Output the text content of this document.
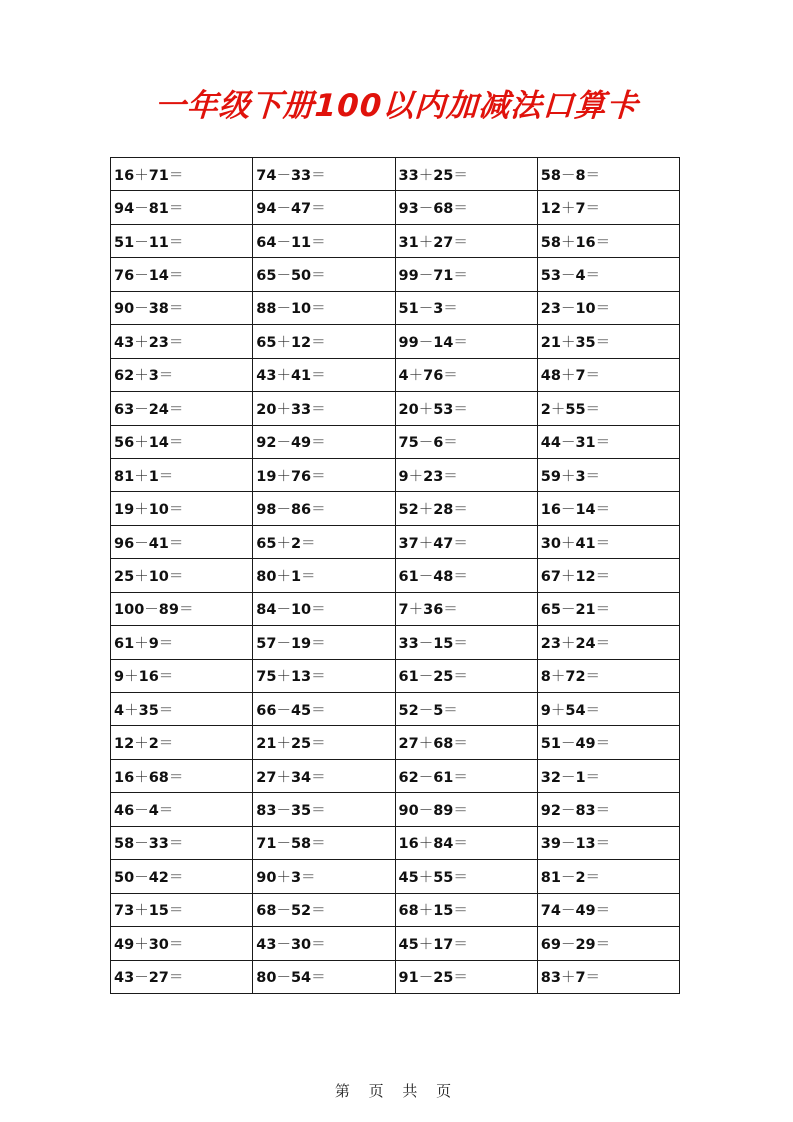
一年级下册100以内加减法口算卡
16＋71＝	74－33＝	33＋25＝	58－8＝
94－81＝	94－47＝	93－68＝	12＋7＝
51－11＝	64－11＝	31＋27＝	58＋16＝
76－14＝	65－50＝	99－71＝	53－4＝
90－38＝	88－10＝	51－3＝	23－10＝
43＋23＝	65＋12＝	99－14＝	21＋35＝
62＋3＝	43＋41＝	4＋76＝	48＋7＝
63－24＝	20＋33＝	20＋53＝	2＋55＝
56＋14＝	92－49＝	75－6＝	44－31＝
81＋1＝	19＋76＝	9＋23＝	59＋3＝
19＋10＝	98－86＝	52＋28＝	16－14＝
96－41＝	65＋2＝	37＋47＝	30＋41＝
25＋10＝	80＋1＝	61－48＝	67＋12＝
100－89＝	84－10＝	7＋36＝	65－21＝
61＋9＝	57－19＝	33－15＝	23＋24＝
9＋16＝	75＋13＝	61－25＝	8＋72＝
4＋35＝	66－45＝	52－5＝	9＋54＝
12＋2＝	21＋25＝	27＋68＝	51－49＝
16＋68＝	27＋34＝	62－61＝	32－1＝
46－4＝	83－35＝	90－89＝	92－83＝
58－33＝	71－58＝	16＋84＝	39－13＝
50－42＝	90＋3＝	45＋55＝	81－2＝
73＋15＝	68－52＝	68＋15＝	74－49＝
49＋30＝	43－30＝	45＋17＝	69－29＝
43－27＝	80－54＝	91－25＝	83＋7＝
第 页 共 页
